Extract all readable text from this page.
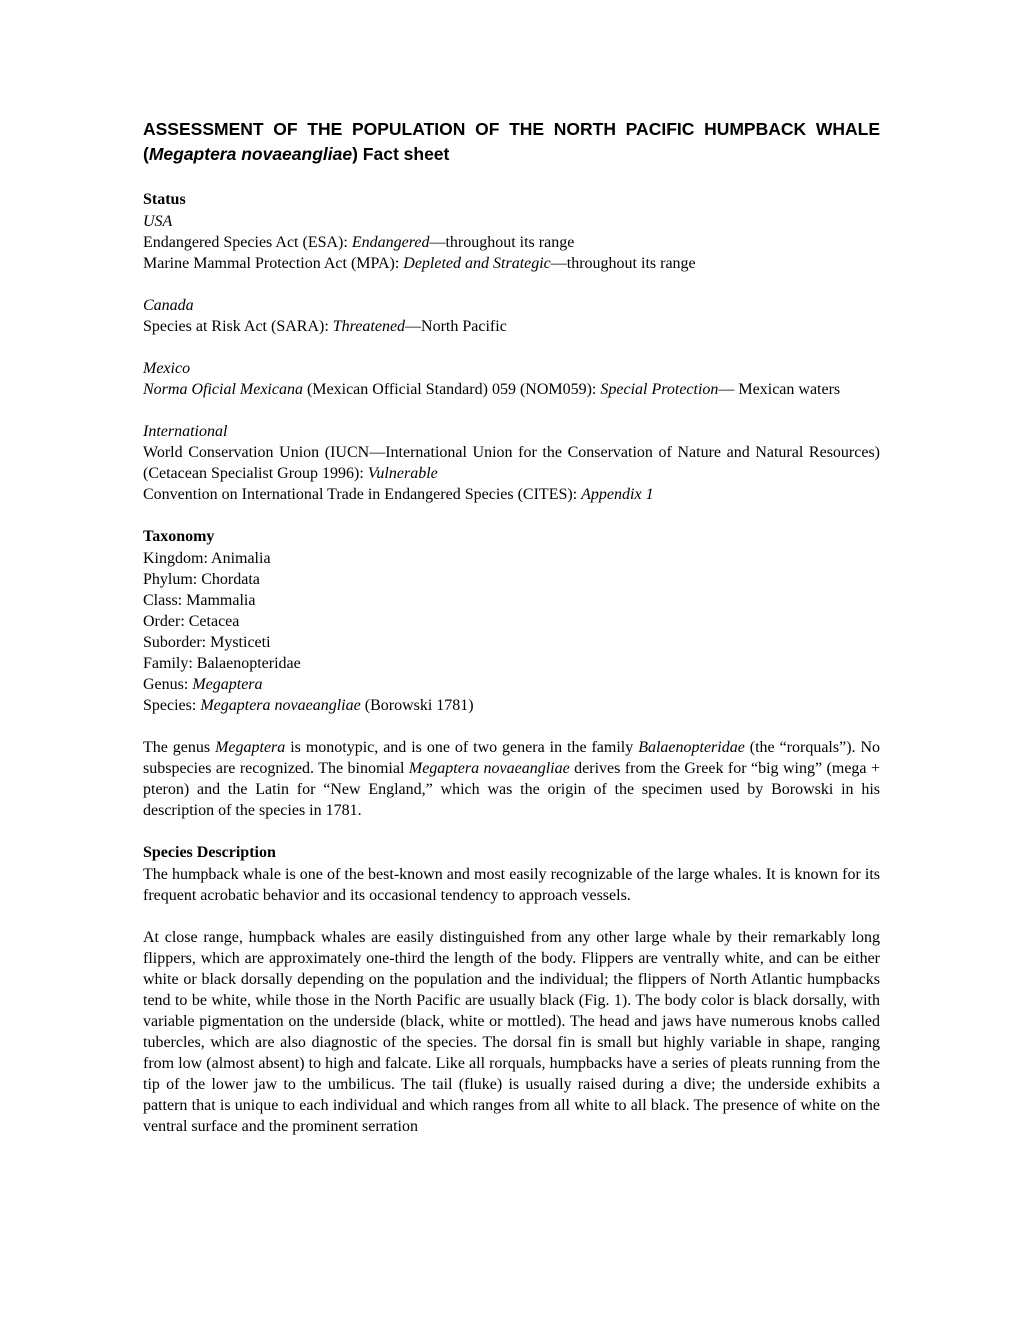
ASSESSMENT OF THE POPULATION OF THE NORTH PACIFIC HUMPBACK WHALE (Megaptera novaeangliae) Fact sheet
Status

USA

Endangered Species Act (ESA): Endangered—throughout its range

Marine Mammal Protection Act (MPA): Depleted and Strategic—throughout its range

Canada

Species at Risk Act (SARA): Threatened—North Pacific

Mexico

Norma Oficial Mexicana (Mexican Official Standard) 059 (NOM059): Special Protection— Mexican waters

International

World Conservation Union (IUCN—International Union for the Conservation of Nature and Natural Resources) (Cetacean Specialist Group 1996): Vulnerable

Convention on International Trade in Endangered Species (CITES): Appendix 1

Taxonomy

Kingdom: Animalia

Phylum: Chordata

Class: Mammalia

Order: Cetacea

Suborder: Mysticeti

Family: Balaenopteridae

Genus: Megaptera

Species: Megaptera novaeangliae (Borowski 1781)

The genus Megaptera is monotypic, and is one of two genera in the family Balaenopteridae (the “rorquals”). No subspecies are recognized. The binomial Megaptera novaeangliae derives from the Greek for “big wing” (mega + pteron) and the Latin for “New England,” which was the origin of the specimen used by Borowski in his description of the species in 1781.

Species Description

The humpback whale is one of the best-known and most easily recognizable of the large whales. It is known for its frequent acrobatic behavior and its occasional tendency to approach vessels.

At close range, humpback whales are easily distinguished from any other large whale by their remarkably long flippers, which are approximately one-third the length of the body. Flippers are ventrally white, and can be either white or black dorsally depending on the population and the individual; the flippers of North Atlantic humpbacks tend to be white, while those in the North Pacific are usually black (Fig. 1). The body color is black dorsally, with variable pigmentation on the underside (black, white or mottled). The head and jaws have numerous knobs called tubercles, which are also diagnostic of the species. The dorsal fin is small but highly variable in shape, ranging from low (almost absent) to high and falcate. Like all rorquals, humpbacks have a series of pleats running from the tip of the lower jaw to the umbilicus. The tail (fluke) is usually raised during a dive; the underside exhibits a pattern that is unique to each individual and which ranges from all white to all black. The presence of white on the ventral surface and the prominent serration
